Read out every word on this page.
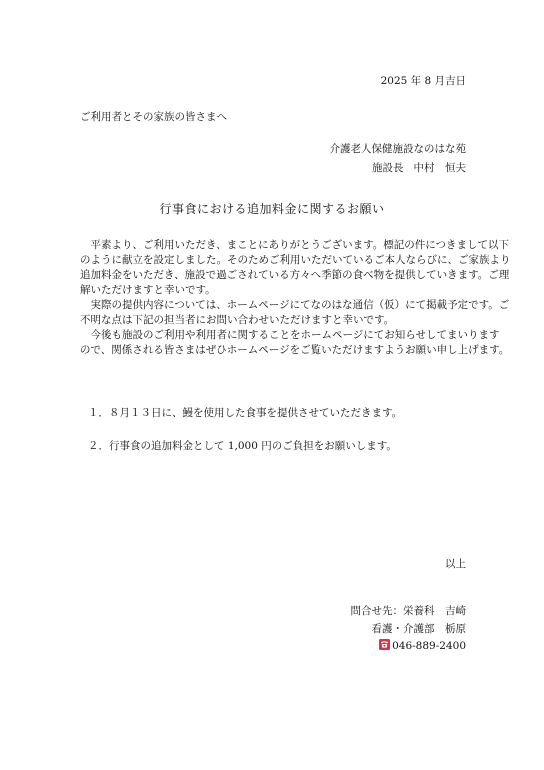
2025 年 8 月吉日
ご利用者とその家族の皆さまへ
介護老人保健施設なのはな苑
施設長 中村　恒夫
行事食における追加料金に関するお願い
　平素より、ご利用いただき、まことにありがとうございます。標記の件につきまして以下
のように献立を設定しました。そのためご利用いただいているご本人ならびに、ご家族より
追加料金をいただき、施設で過ごされている方々へ季節の食べ物を提供していきます。ご理
解いただけますと幸いです。
　実際の提供内容については、ホームページにてなのはな通信（仮）にて掲載予定です。ご
不明な点は下記の担当者にお問い合わせいただけますと幸いです。
　今後も施設のご利用や利用者に関することをホームページにてお知らせしてまいります
ので、関係される皆さまはぜひホームページをご覧いただけますようお願い申し上げます。
１．８月１３日に、鰻を使用した食事を提供させていただきます。
２．行事食の追加料金として 1,000 円のご負担をお願いします。
以上
問合せ先：栄養科　吉崎
看護・介護部　栃原
046-889-2400
